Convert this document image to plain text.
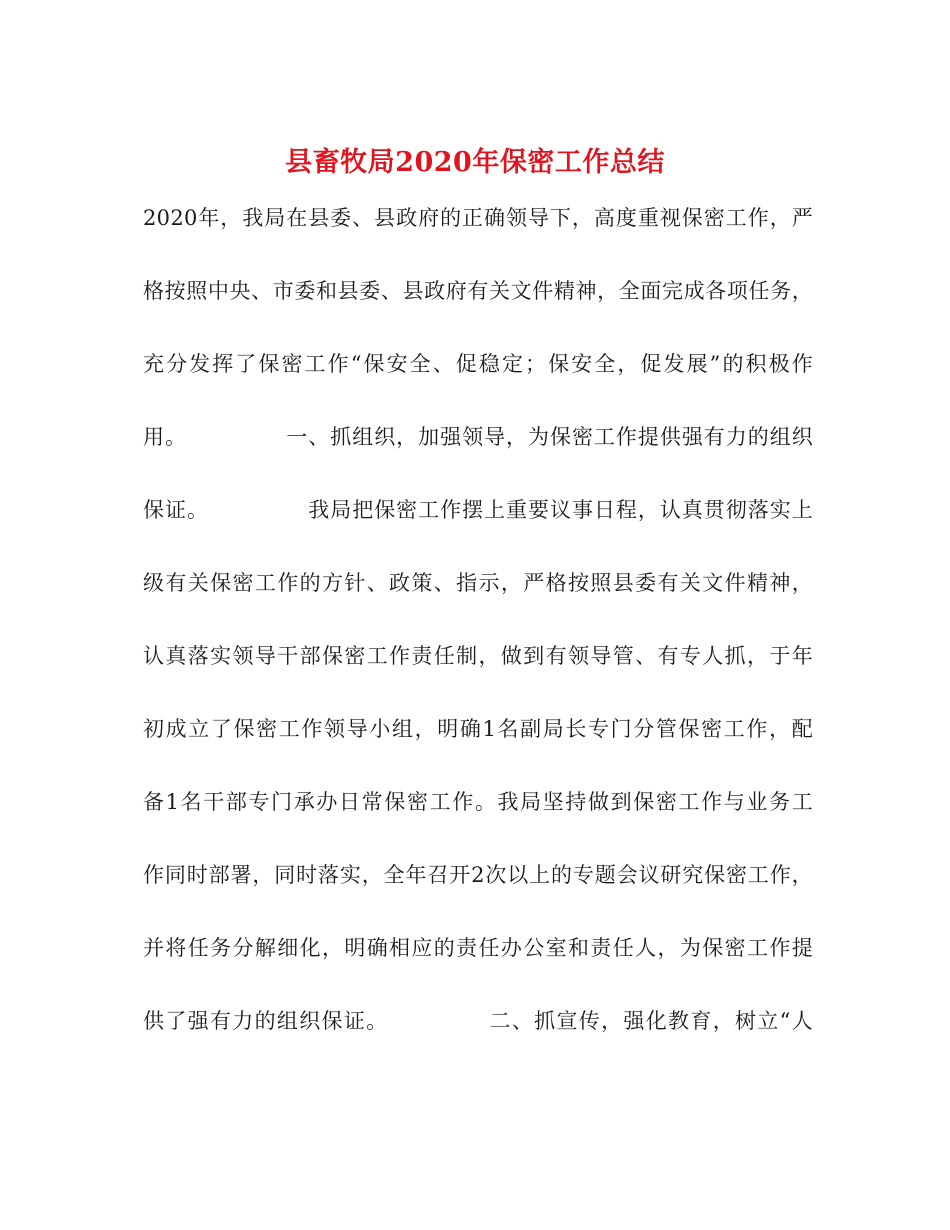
县畜牧局2020年保密工作总结
2020年，我局在县委、县政府的正确领导下，高度重视保密工作，严
格按照中央、市委和县委、县政府有关文件精神，全面完成各项任务，
充分发挥了保密工作“保安全、促稳定；保安全，促发展”的积极作
用。　　　　　一、抓组织，加强领导，为保密工作提供强有力的组织
保证。　　　　　我局把保密工作摆上重要议事日程，认真贯彻落实上
级有关保密工作的方针、政策、指示，严格按照县委有关文件精神，
认真落实领导干部保密工作责任制，做到有领导管、有专人抓，于年
初成立了保密工作领导小组，明确1名副局长专门分管保密工作，配
备1名干部专门承办日常保密工作。我局坚持做到保密工作与业务工
作同时部署，同时落实，全年召开2次以上的专题会议研究保密工作，
并将任务分解细化，明确相应的责任办公室和责任人，为保密工作提
供了强有力的组织保证。　　　　　二、抓宣传，强化教育，树立“人
